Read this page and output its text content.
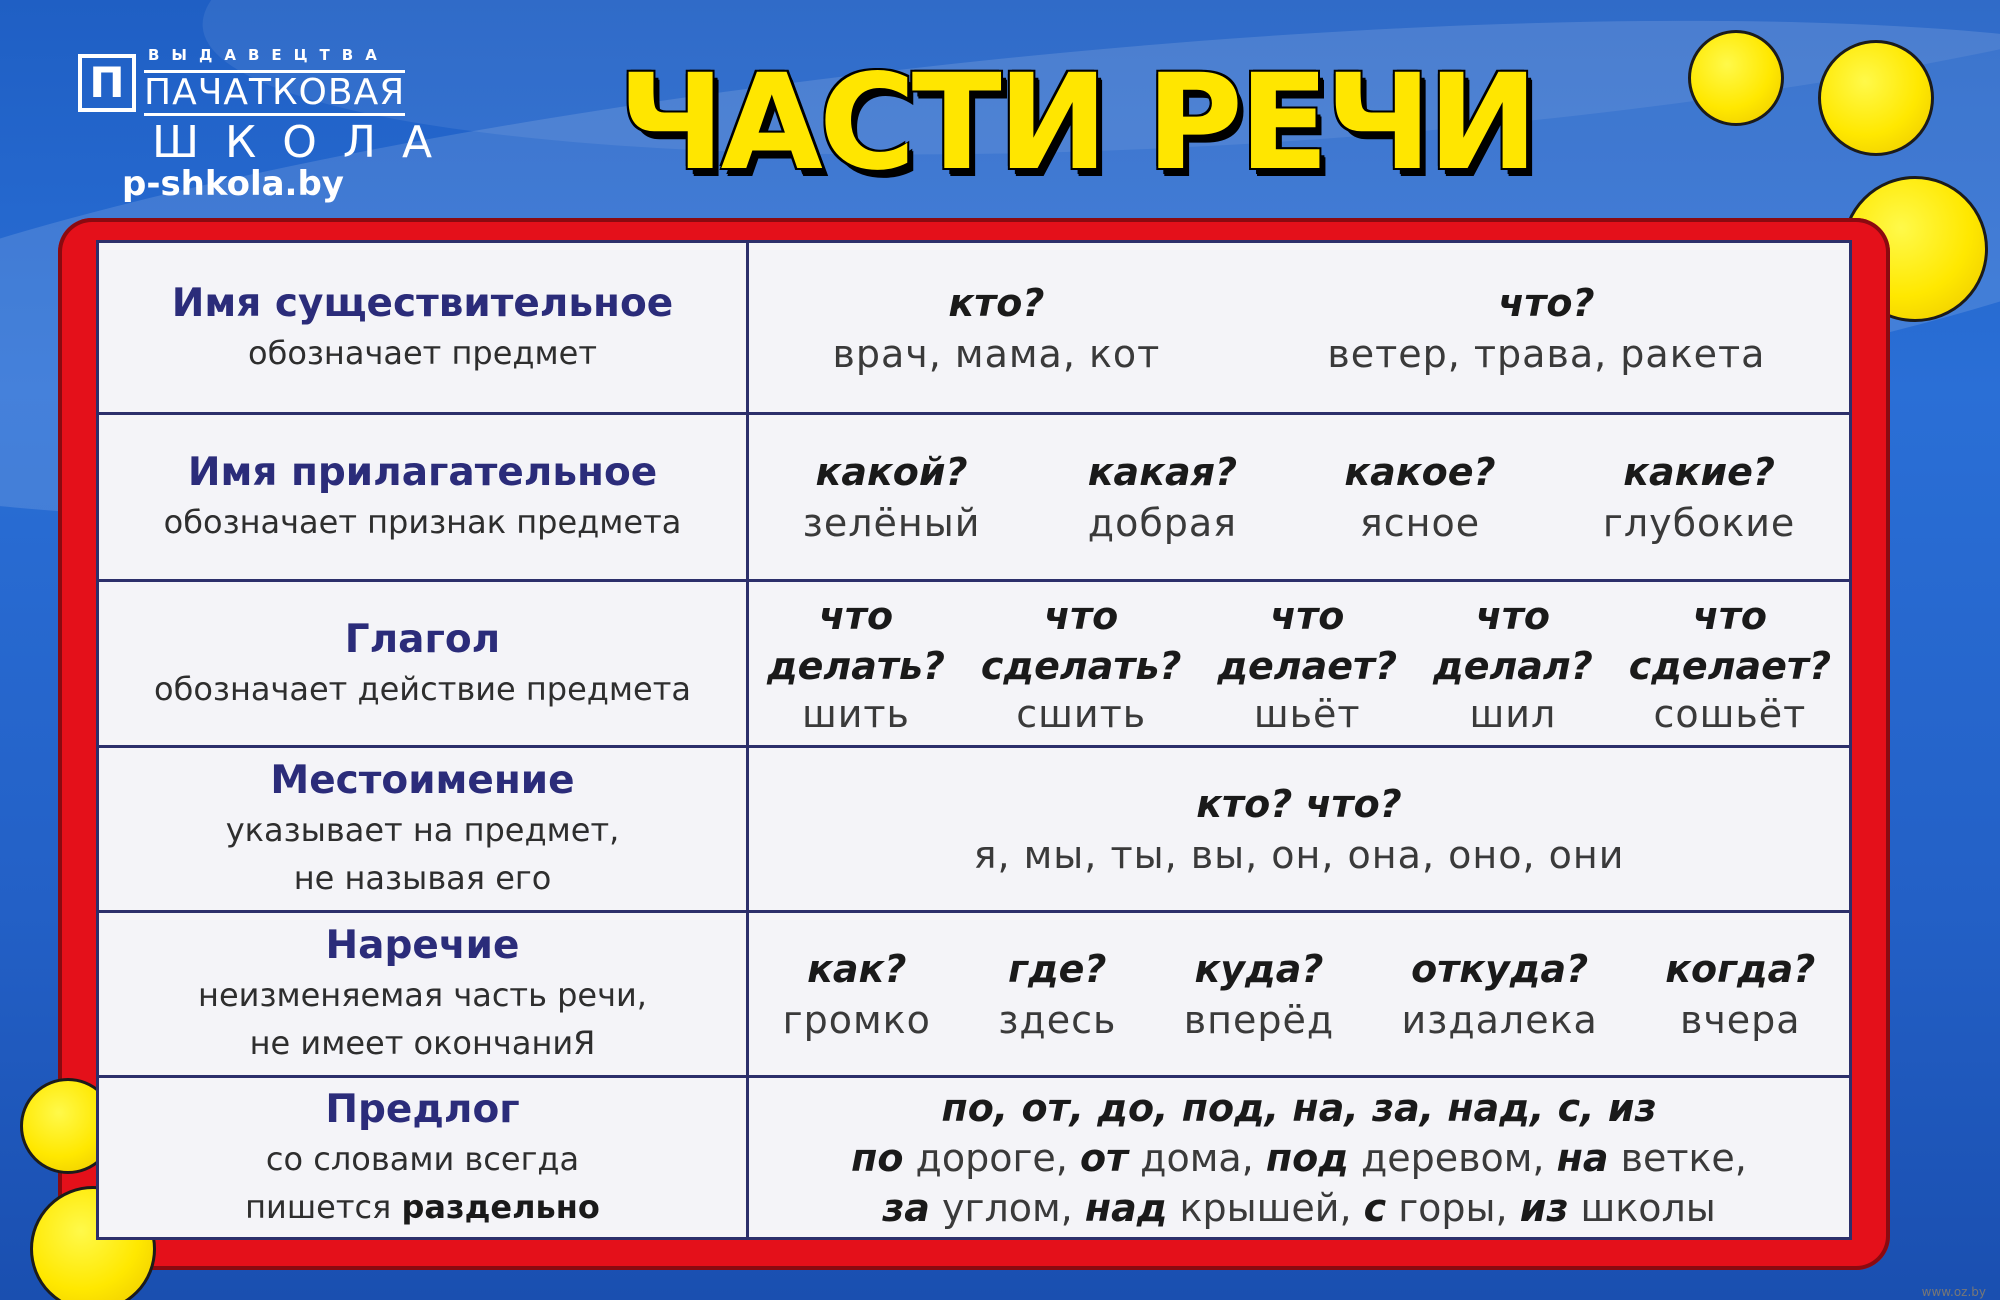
П
ВЫДАВЕЦТВА
ПАЧАТКОВАЯ
ШКОЛА
p-shkola.by ЧАСТИ РЕЧИ
Имя существительное
обозначает предмет
кто?
врач, мама, кот
что?
ветер, трава, ракета
Имя прилагательное
обозначает признак предмета
какой?
зелёный
какая?
добрая
какое?
ясное
какие?
глубокие
Глагол
обозначает действие предмета
что
делать?
шить
что
сделать?
сшить
что
делает?
шьёт
что
делал?
шил
что
сделает?
сошьёт
Местоимение
указывает на предмет,
не называя его
кто? что?
я, мы, ты, вы, он, она, оно, они
Наречие
неизменяемая часть речи,
не имеет окончаниЯ
как?
громко
где?
здесь
куда?
вперёд
откуда?
издалека
когда?
вчера
Предлог
со словами всегда
пишется раздельно
по, от, до, под, на, за, над, с, из
по дороге, от дома, под деревом, на ветке,
за углом, над крышей, с горы, из школы
www.oz.by
